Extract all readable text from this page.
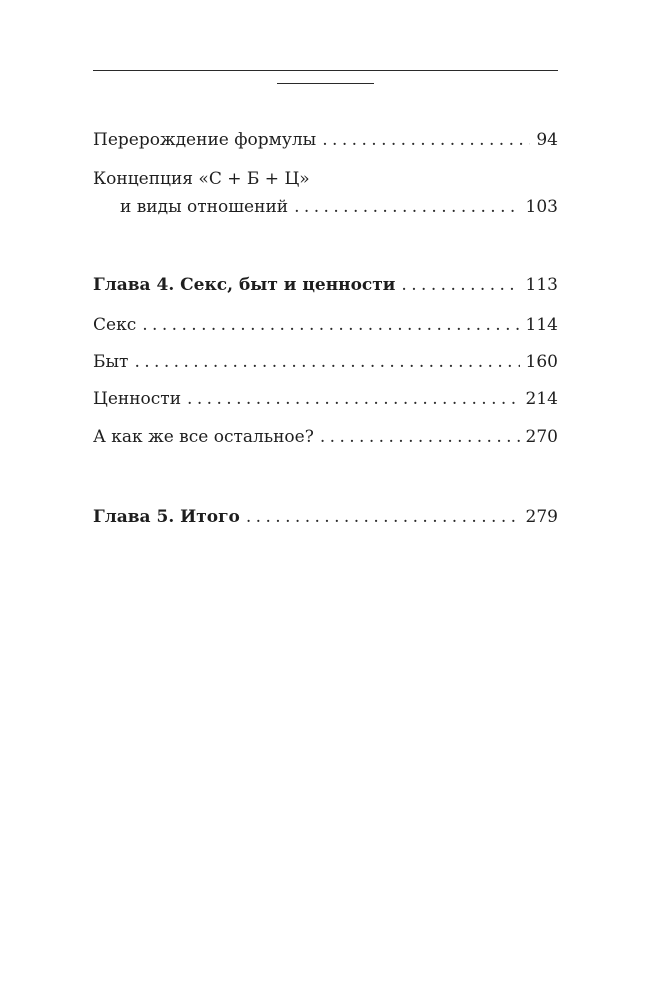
Перерождение формулы . . .	94
Концепция «С + Б + Ц»
и виды отношений . . .	103
Глава 4. Секс, быт и ценности . . .	113
Секс . . .	114
Быт . . .	160
Ценности . . .	214
А как же все остальное? . . .	270
Глава 5. Итого . . .	279
